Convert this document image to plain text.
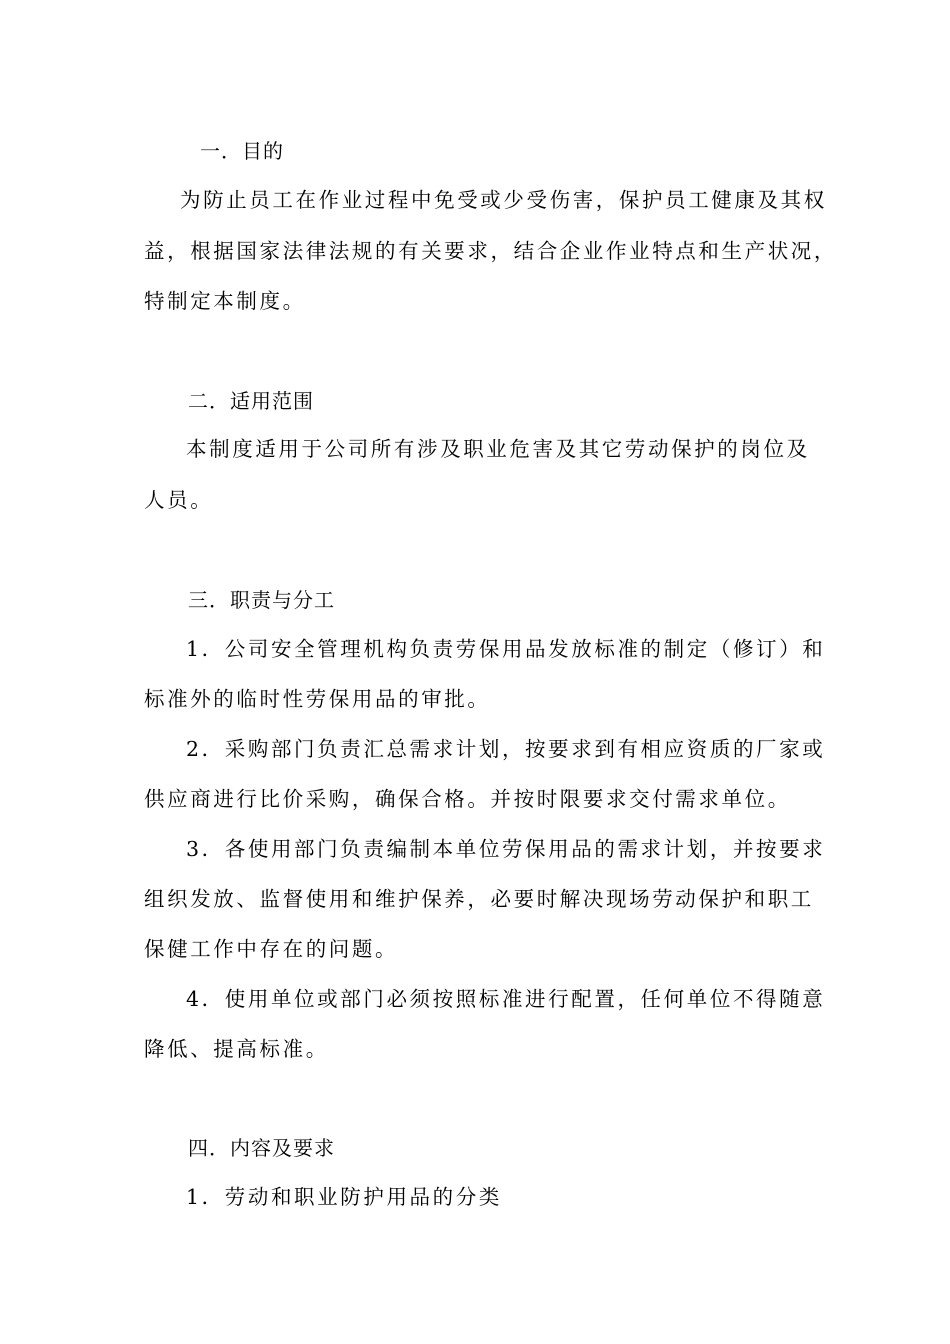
一．目的
为防止员工在作业过程中免受或少受伤害，保护员工健康及其权
益，根据国家法律法规的有关要求，结合企业作业特点和生产状况，
特制定本制度。
二．适用范围
本制度适用于公司所有涉及职业危害及其它劳动保护的岗位及
人员。
三．职责与分工
1．公司安全管理机构负责劳保用品发放标准的制定（修订）和
标准外的临时性劳保用品的审批。
2．采购部门负责汇总需求计划，按要求到有相应资质的厂家或
供应商进行比价采购，确保合格。并按时限要求交付需求单位。
3．各使用部门负责编制本单位劳保用品的需求计划，并按要求
组织发放、监督使用和维护保养，必要时解决现场劳动保护和职工
保健工作中存在的问题。
4．使用单位或部门必须按照标准进行配置，任何单位不得随意
降低、提高标准。
四．内容及要求
1．劳动和职业防护用品的分类
